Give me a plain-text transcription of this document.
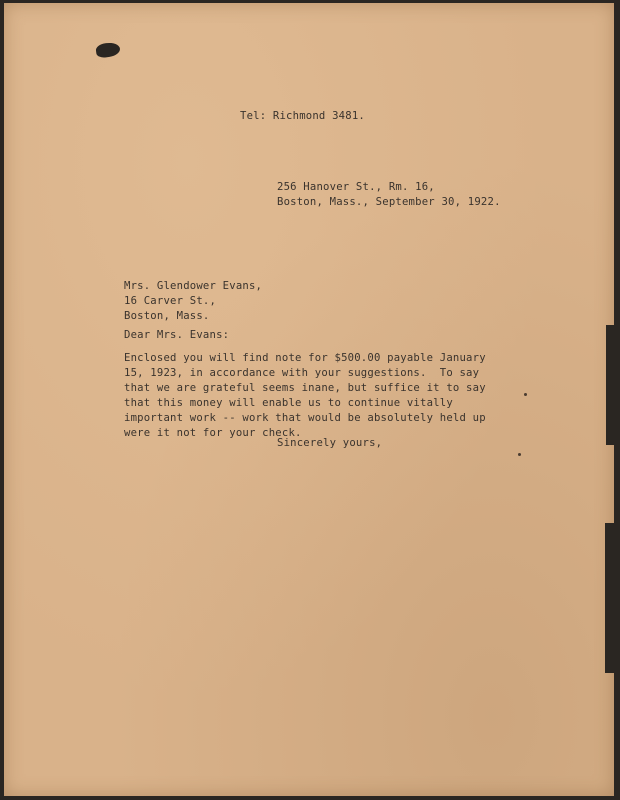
Tel: Richmond 3481.

256 Hanover St., Rm. 16,

Boston, Mass., September 30, 1922.

Mrs. Glendower Evans,

16 Carver St.,

Boston, Mass.

Dear Mrs. Evans:

Enclosed you will find note for $500.00 payable January

15, 1923, in accordance with your suggestions.  To say

that we are grateful seems inane, but suffice it to say

that this money will enable us to continue vitally

important work -- work that would be absolutely held up

were it not for your check.

Sincerely yours,
